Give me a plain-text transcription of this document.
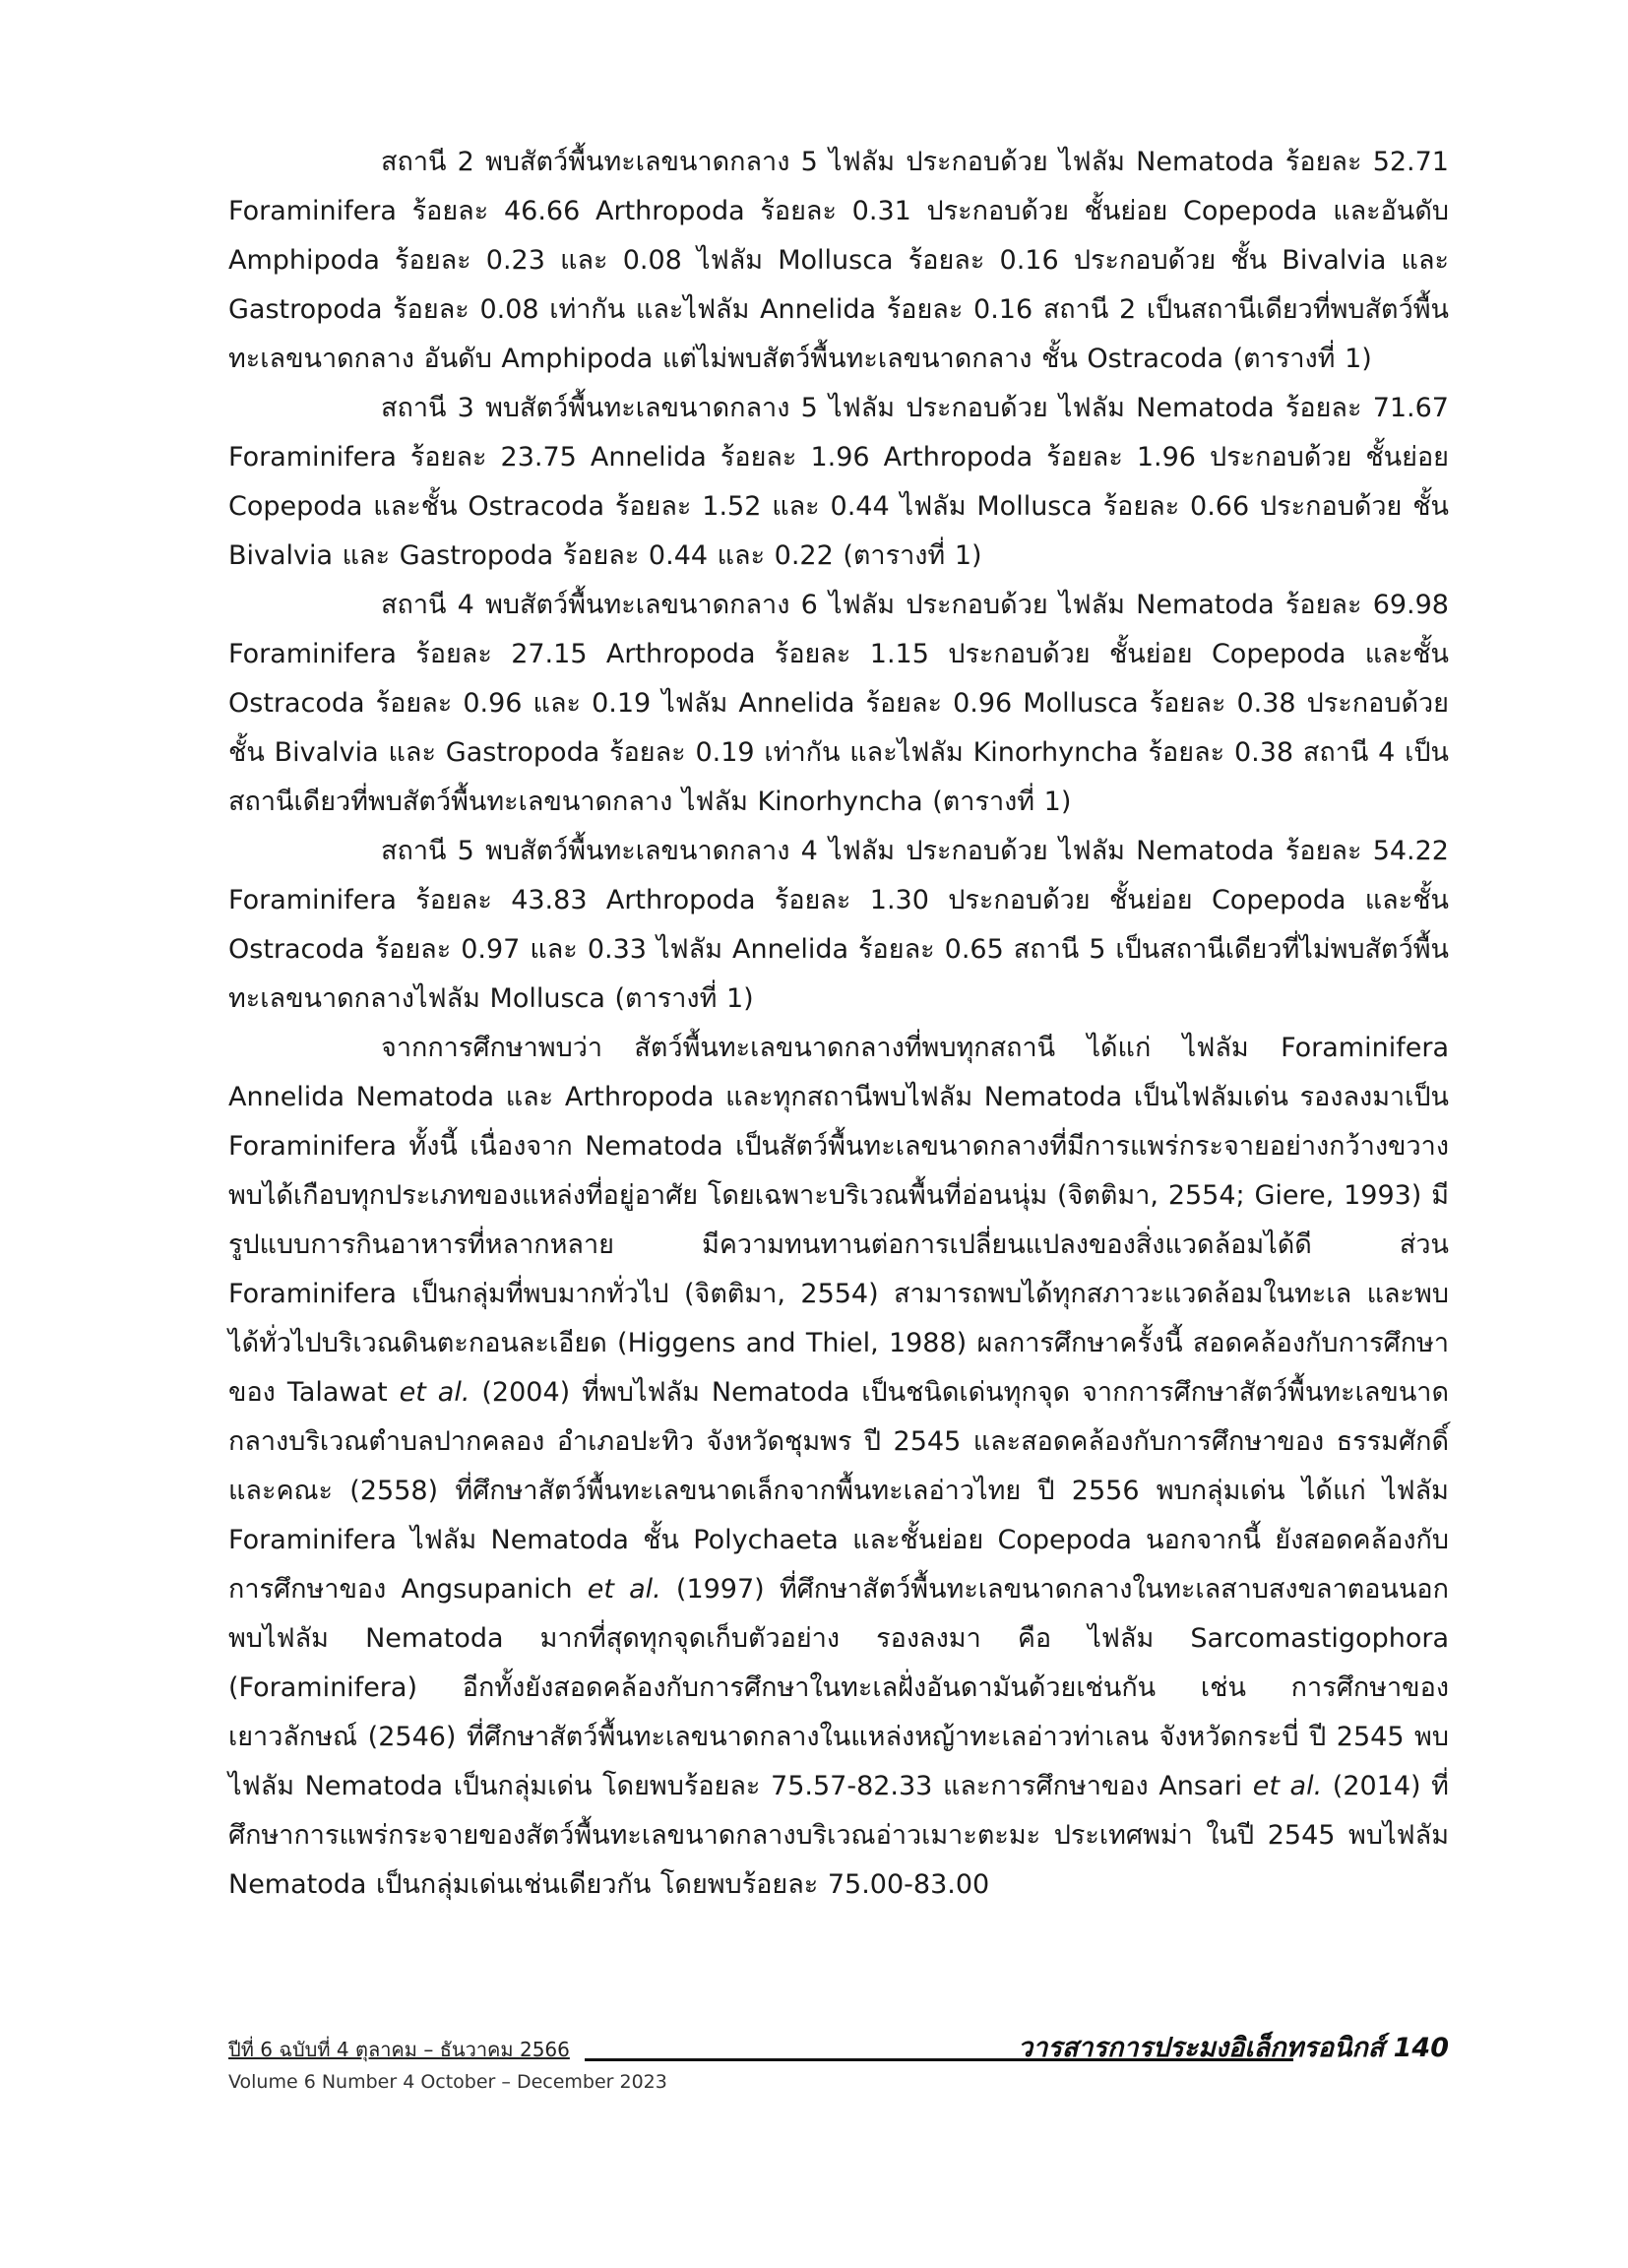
สถานี 2 พบสัตว์พื้นทะเลขนาดกลาง 5 ไฟลัม ประกอบด้วย ไฟลัม Nematoda ร้อยละ 52.71 Foraminifera ร้อยละ 46.66 Arthropoda ร้อยละ 0.31 ประกอบด้วย ชั้นย่อย Copepoda และอันดับ Amphipoda ร้อยละ 0.23 และ 0.08 ไฟลัม Mollusca ร้อยละ 0.16 ประกอบด้วย ชั้น Bivalvia และ Gastropoda ร้อยละ 0.08 เท่ากัน และไฟลัม Annelida ร้อยละ 0.16 สถานี 2 เป็นสถานีเดียวที่พบสัตว์พื้นทะเลขนาดกลาง อันดับ Amphipoda แต่ไม่พบสัตว์พื้นทะเลขนาดกลาง ชั้น Ostracoda (ตารางที่ 1)

สถานี 3 พบสัตว์พื้นทะเลขนาดกลาง 5 ไฟลัม ประกอบด้วย ไฟลัม Nematoda ร้อยละ 71.67 Foraminifera ร้อยละ 23.75 Annelida ร้อยละ 1.96 Arthropoda ร้อยละ 1.96 ประกอบด้วย ชั้นย่อย Copepoda และชั้น Ostracoda ร้อยละ 1.52 และ 0.44 ไฟลัม Mollusca ร้อยละ 0.66 ประกอบด้วย ชั้น Bivalvia และ Gastropoda ร้อยละ 0.44 และ 0.22 (ตารางที่ 1)

สถานี 4 พบสัตว์พื้นทะเลขนาดกลาง 6 ไฟลัม ประกอบด้วย ไฟลัม Nematoda ร้อยละ 69.98 Foraminifera ร้อยละ 27.15 Arthropoda ร้อยละ 1.15 ประกอบด้วย ชั้นย่อย Copepoda และชั้น Ostracoda ร้อยละ 0.96 และ 0.19 ไฟลัม Annelida ร้อยละ 0.96 Mollusca ร้อยละ 0.38 ประกอบด้วย ชั้น Bivalvia และ Gastropoda ร้อยละ 0.19 เท่ากัน และไฟลัม Kinorhyncha ร้อยละ 0.38 สถานี 4 เป็นสถานีเดียวที่พบสัตว์พื้นทะเลขนาดกลาง ไฟลัม Kinorhyncha (ตารางที่ 1)

สถานี 5 พบสัตว์พื้นทะเลขนาดกลาง 4 ไฟลัม ประกอบด้วย ไฟลัม Nematoda ร้อยละ 54.22 Foraminifera ร้อยละ 43.83 Arthropoda ร้อยละ 1.30 ประกอบด้วย ชั้นย่อย Copepoda และชั้น Ostracoda ร้อยละ 0.97 และ 0.33 ไฟลัม Annelida ร้อยละ 0.65 สถานี 5 เป็นสถานีเดียวที่ไม่พบสัตว์พื้นทะเลขนาดกลางไฟลัม Mollusca (ตารางที่ 1)

จากการศึกษาพบว่า สัตว์พื้นทะเลขนาดกลางที่พบทุกสถานี ได้แก่ ไฟลัม Foraminifera Annelida Nematoda และ Arthropoda และทุกสถานีพบไฟลัม Nematoda เป็นไฟลัมเด่น รองลงมาเป็น Foraminifera ทั้งนี้ เนื่องจาก Nematoda เป็นสัตว์พื้นทะเลขนาดกลางที่มีการแพร่กระจายอย่างกว้างขวาง พบได้เกือบทุกประเภทของแหล่งที่อยู่อาศัย โดยเฉพาะบริเวณพื้นที่อ่อนนุ่ม (จิตติมา, 2554; Giere, 1993) มีรูปแบบการกินอาหารที่หลากหลาย มีความทนทานต่อการเปลี่ยนแปลงของสิ่งแวดล้อมได้ดี ส่วน Foraminifera เป็นกลุ่มที่พบมากทั่วไป (จิตติมา, 2554) สามารถพบได้ทุกสภาวะแวดล้อมในทะเล และพบได้ทั่วไปบริเวณดินตะกอนละเอียด (Higgens and Thiel, 1988) ผลการศึกษาครั้งนี้ สอดคล้องกับการศึกษาของ Talawat et al. (2004) ที่พบไฟลัม Nematoda เป็นชนิดเด่นทุกจุด จากการศึกษาสัตว์พื้นทะเลขนาดกลางบริเวณตำบลปากคลอง อำเภอปะทิว จังหวัดชุมพร ปี 2545 และสอดคล้องกับการศึกษาของ ธรรมศักดิ์ และคณะ (2558) ที่ศึกษาสัตว์พื้นทะเลขนาดเล็กจากพื้นทะเลอ่าวไทย ปี 2556 พบกลุ่มเด่น ได้แก่ ไฟลัม Foraminifera ไฟลัม Nematoda ชั้น Polychaeta และชั้นย่อย Copepoda นอกจากนี้ ยังสอดคล้องกับการศึกษาของ Angsupanich et al. (1997) ที่ศึกษาสัตว์พื้นทะเลขนาดกลางในทะเลสาบสงขลาตอนนอก พบไฟลัม Nematoda มากที่สุดทุกจุดเก็บตัวอย่าง รองลงมา คือ ไฟลัม Sarcomastigophora (Foraminifera) อีกทั้งยังสอดคล้องกับการศึกษาในทะเลฝั่งอันดามันด้วยเช่นกัน เช่น การศึกษาของ เยาวลักษณ์ (2546) ที่ศึกษาสัตว์พื้นทะเลขนาดกลางในแหล่งหญ้าทะเลอ่าวท่าเลน จังหวัดกระบี่ ปี 2545 พบไฟลัม Nematoda เป็นกลุ่มเด่น โดยพบร้อยละ 75.57-82.33 และการศึกษาของ Ansari et al. (2014) ที่ศึกษาการแพร่กระจายของสัตว์พื้นทะเลขนาดกลางบริเวณอ่าวเมาะตะมะ ประเทศพม่า ในปี 2545 พบไฟลัม Nematoda เป็นกลุ่มเด่นเช่นเดียวกัน โดยพบร้อยละ 75.00-83.00

ปีที่ 6 ฉบับที่ 4 ตุลาคม – ธันวาคม 2566	วารสารการประมงอิเล็กทรอนิกส์ 140
Volume 6 Number 4 October – December 2023
